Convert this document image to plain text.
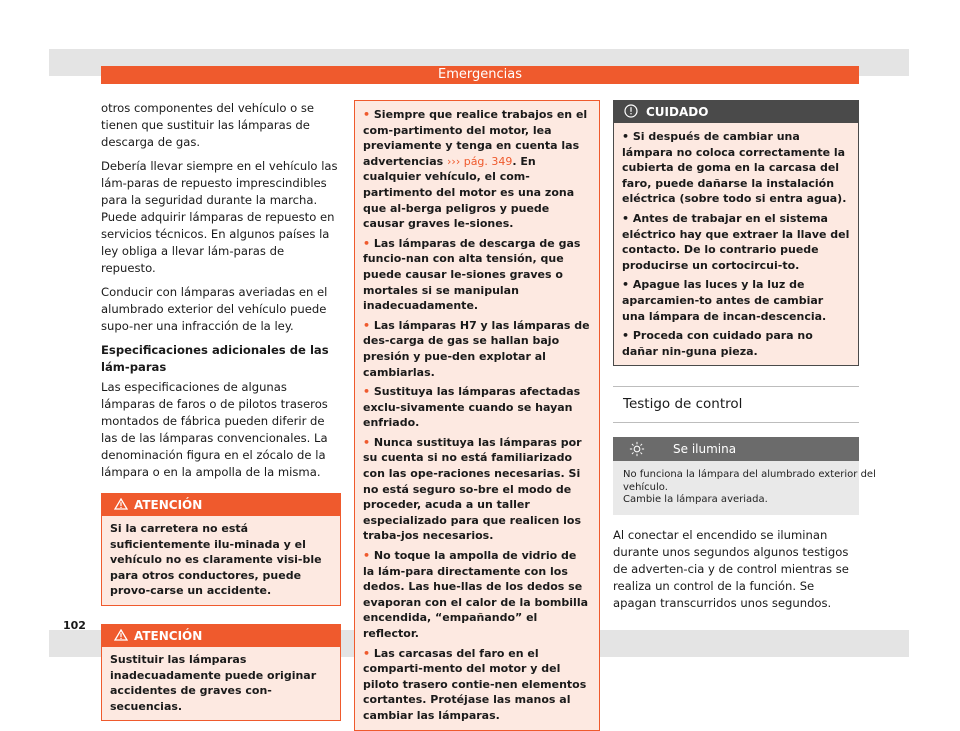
Emergencias

otros componentes del vehículo o se tienen que sustituir las lámparas de descarga de gas.

Debería llevar siempre en el vehículo las lám-paras de repuesto imprescindibles para la seguridad durante la marcha. Puede adquirir lámparas de repuesto en servicios técnicos. En algunos países la ley obliga a llevar lám-paras de repuesto.

Conducir con lámparas averiadas en el alumbrado exterior del vehículo puede supo-ner una infracción de la ley.

Especificaciones adicionales de las lám-paras

Las especificaciones de algunas lámparas de faros o de pilotos traseros montados de fábrica pueden diferir de las de las lámparas convencionales. La denominación figura en el zócalo de la lámpara o en la ampolla de la misma.

ATENCIÓN
Si la carretera no está suficientemente ilu-minada y el vehículo no es claramente visi-ble para otros conductores, puede provo-carse un accidente.
ATENCIÓN
Sustituir las lámparas inadecuadamente puede originar accidentes de graves con-secuencias.
• Siempre que realice trabajos en el com-partimento del motor, lea previamente y tenga en cuenta las advertencias ››› pág. 349. En cualquier vehículo, el com-partimento del motor es una zona que al-berga peligros y puede causar graves le-siones.
• Las lámparas de descarga de gas funcio-nan con alta tensión, que puede causar le-siones graves o mortales si se manipulan inadecuadamente.
• Las lámparas H7 y las lámparas de des-carga de gas se hallan bajo presión y pue-den explotar al cambiarlas.
• Sustituya las lámparas afectadas exclu-sivamente cuando se hayan enfriado.
• Nunca sustituya las lámparas por su cuenta si no está familiarizado con las ope-raciones necesarias. Si no está seguro so-bre el modo de proceder, acuda a un taller especializado para que realicen los traba-jos necesarios.
• No toque la ampolla de vidrio de la lám-para directamente con los dedos. Las hue-llas de los dedos se evaporan con el calor de la bombilla encendida, “empañando” el reflector.
• Las carcasas del faro en el comparti-mento del motor y del piloto trasero contie-nen elementos cortantes. Protéjase las manos al cambiar las lámparas.
CUIDADO
• Si después de cambiar una lámpara no coloca correctamente la cubierta de goma en la carcasa del faro, puede dañarse la instalación eléctrica (sobre todo si entra agua).
• Antes de trabajar en el sistema eléctrico hay que extraer la llave del contacto. De lo contrario puede producirse un cortocircui-to.
• Apague las luces y la luz de aparcamien-to antes de cambiar una lámpara de incan-descencia.
• Proceda con cuidado para no dañar nin-guna pieza.
Testigo de control
Se ilumina
No funciona la lámpara del alumbrado exterior del
vehículo.
Cambie la lámpara averiada.

Al conectar el encendido se iluminan durante unos segundos algunos testigos de adverten-cia y de control mientras se realiza un control de la función. Se apagan transcurridos unos segundos.

102
